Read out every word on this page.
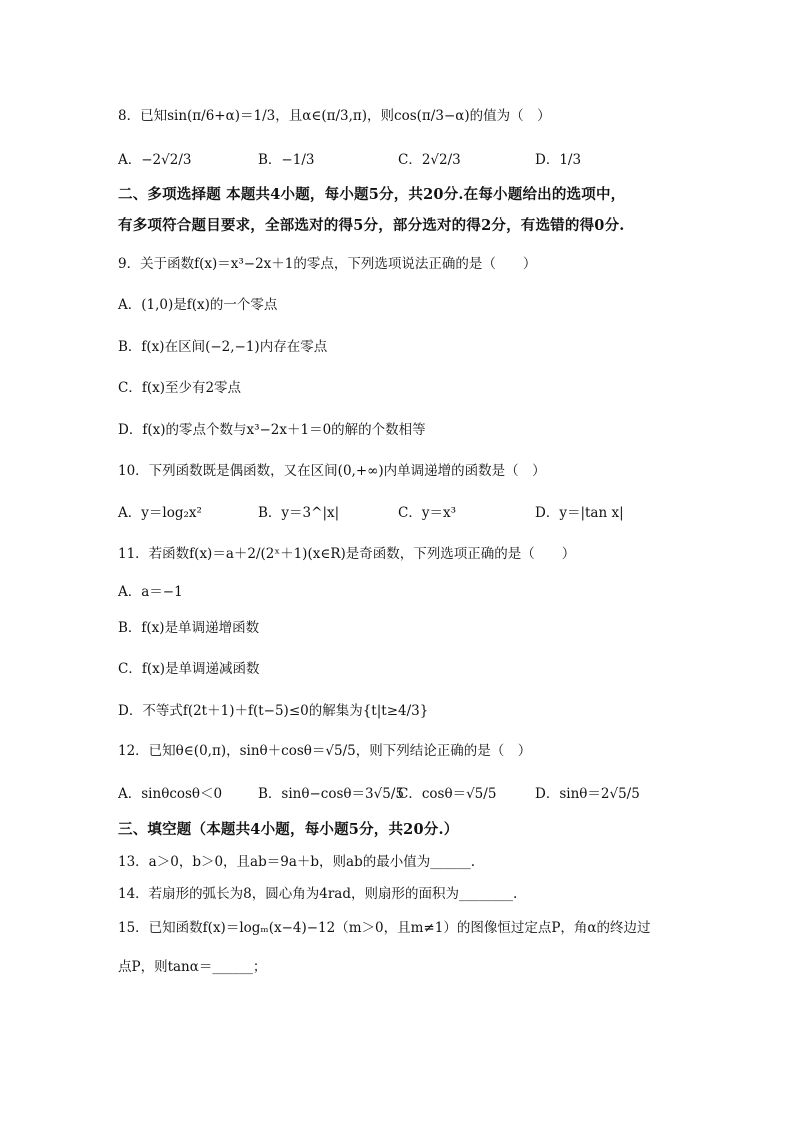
8．已知sin(π/6+α)＝1/3，且α∈(π/3,π)，则cos(π/3−α)的值为（　）
A．−2√2/3	B．−1/3	C．2√2/3	D．1/3
二、多项选择题 本题共4小题，每小题5分，共20分.在每小题给出的选项中，
有多项符合题目要求，全部选对的得5分，部分选对的得2分，有选错的得0分.
9．关于函数f(x)＝x³−2x＋1的零点，下列选项说法正确的是（　　）
A．(1,0)是f(x)的一个零点
B．f(x)在区间(−2,−1)内存在零点
C．f(x)至少有2零点
D．f(x)的零点个数与x³−2x＋1＝0的解的个数相等
10．下列函数既是偶函数，又在区间(0,+∞)内单调递增的函数是（　）
A．y＝log₂x²	B．y＝3^|x|	C．y＝x³	D．y＝|tan x|
11．若函数f(x)＝a＋2/(2ˣ＋1)(x∈R)是奇函数，下列选项正确的是（　　）
A．a＝−1
B．f(x)是单调递增函数
C．f(x)是单调递减函数
D．不等式f(2t＋1)＋f(t−5)≤0的解集为{t|t≥4/3}
12．已知θ∈(0,π)，sinθ＋cosθ＝√5/5，则下列结论正确的是（　）
A．sinθcosθ＜0	B．sinθ−cosθ＝3√5/5
C．cosθ＝√5/5	D．sinθ＝2√5/5
三、填空题（本题共4小题，每小题5分，共20分.）
13．a＞0，b＞0，且ab＝9a＋b，则ab的最小值为______.
14．若扇形的弧长为8，圆心角为4rad，则扇形的面积为________.
15．已知函数f(x)＝logₘ(x−4)−12（m＞0，且m≠1）的图像恒过定点P，角α的终边过
点P，则tanα＝______；
